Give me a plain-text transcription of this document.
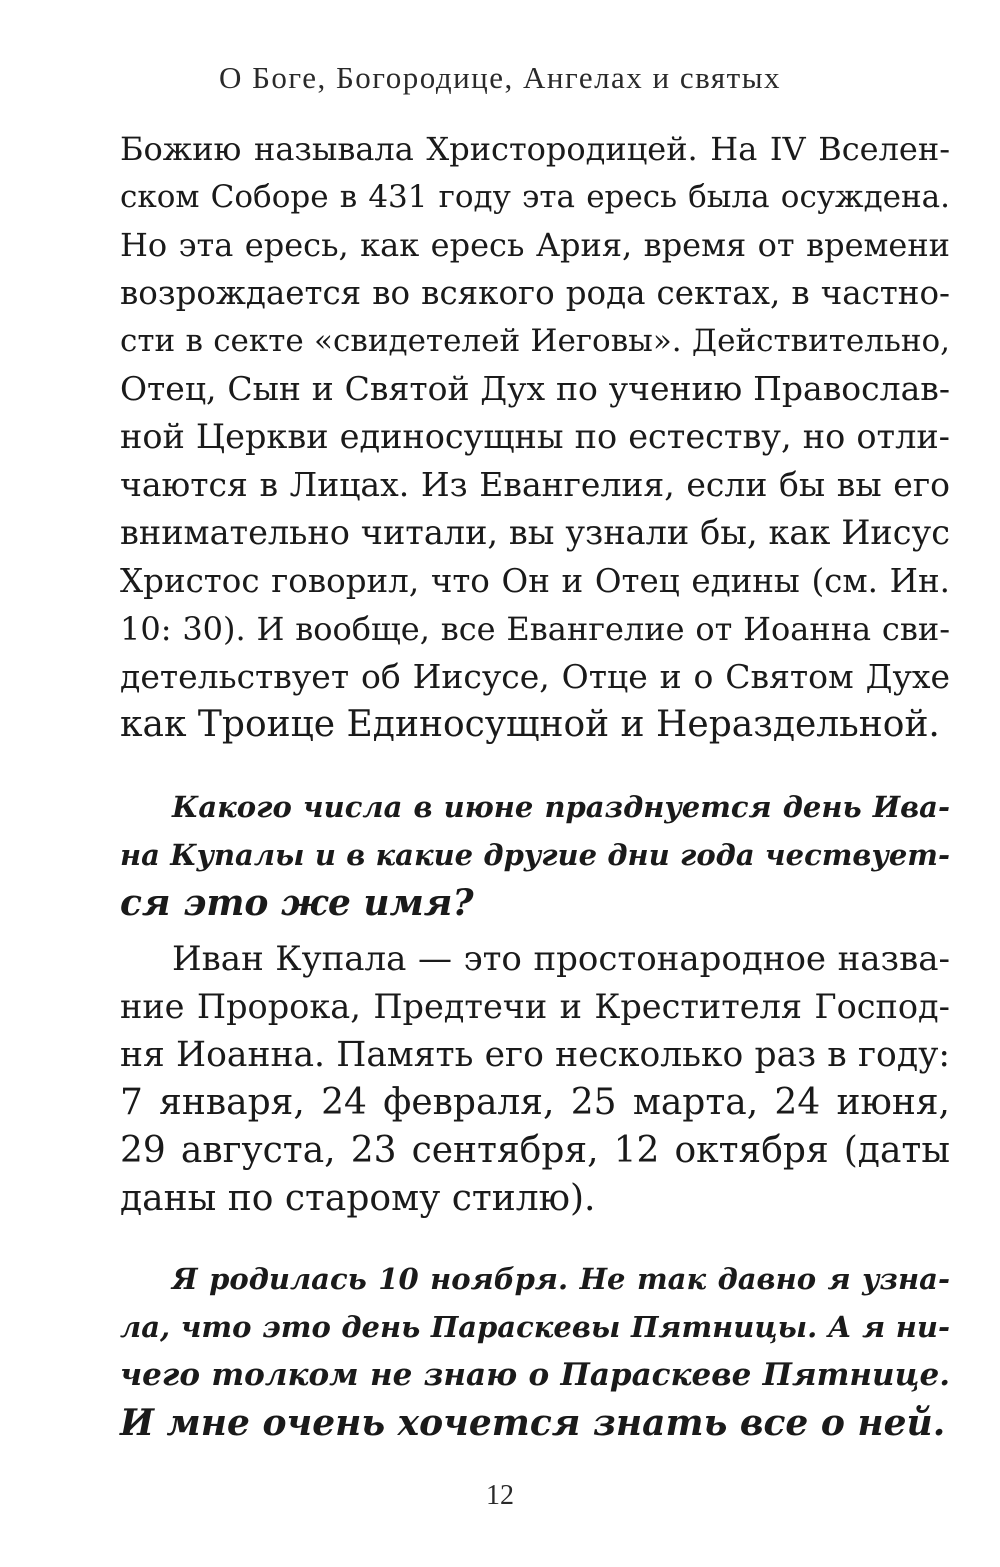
О Боге, Богородице, Ангелах и святых
Божию называла Христородицей. На IV Вселен-
ском Соборе в 431 году эта ересь была осуждена.
Но эта ересь, как ересь Ария, время от времени
возрождается во всякого рода сектах, в частно-
сти в секте «свидетелей Иеговы». Действительно,
Отец, Сын и Святой Дух по учению Православ-
ной Церкви единосущны по естеству, но отли-
чаются в Лицах. Из Евангелия, если бы вы его
внимательно читали, вы узнали бы, как Иисус
Христос говорил, что Он и Отец едины (см. Ин.
10: 30). И вообще, все Евангелие от Иоанна сви-
детельствует об Иисусе, Отце и о Святом Духе
как Троице Единосущной и Нераздельной.
Какого числа в июне празднуется день Ива-
на Купалы и в какие другие дни года чествует-
ся это же имя?
Иван Купала — это простонародное назва-
ние Пророка, Предтечи и Крестителя Господ-
ня Иоанна. Память его несколько раз в году:
7 января, 24 февраля, 25 марта, 24 июня,
29 августа, 23 сентября, 12 октября (даты
даны по старому стилю).
Я родилась 10 ноября. Не так давно я узна-
ла, что это день Параскевы Пятницы. А я ни-
чего толком не знаю о Параскеве Пятнице.
И мне очень хочется знать все о ней.
12
